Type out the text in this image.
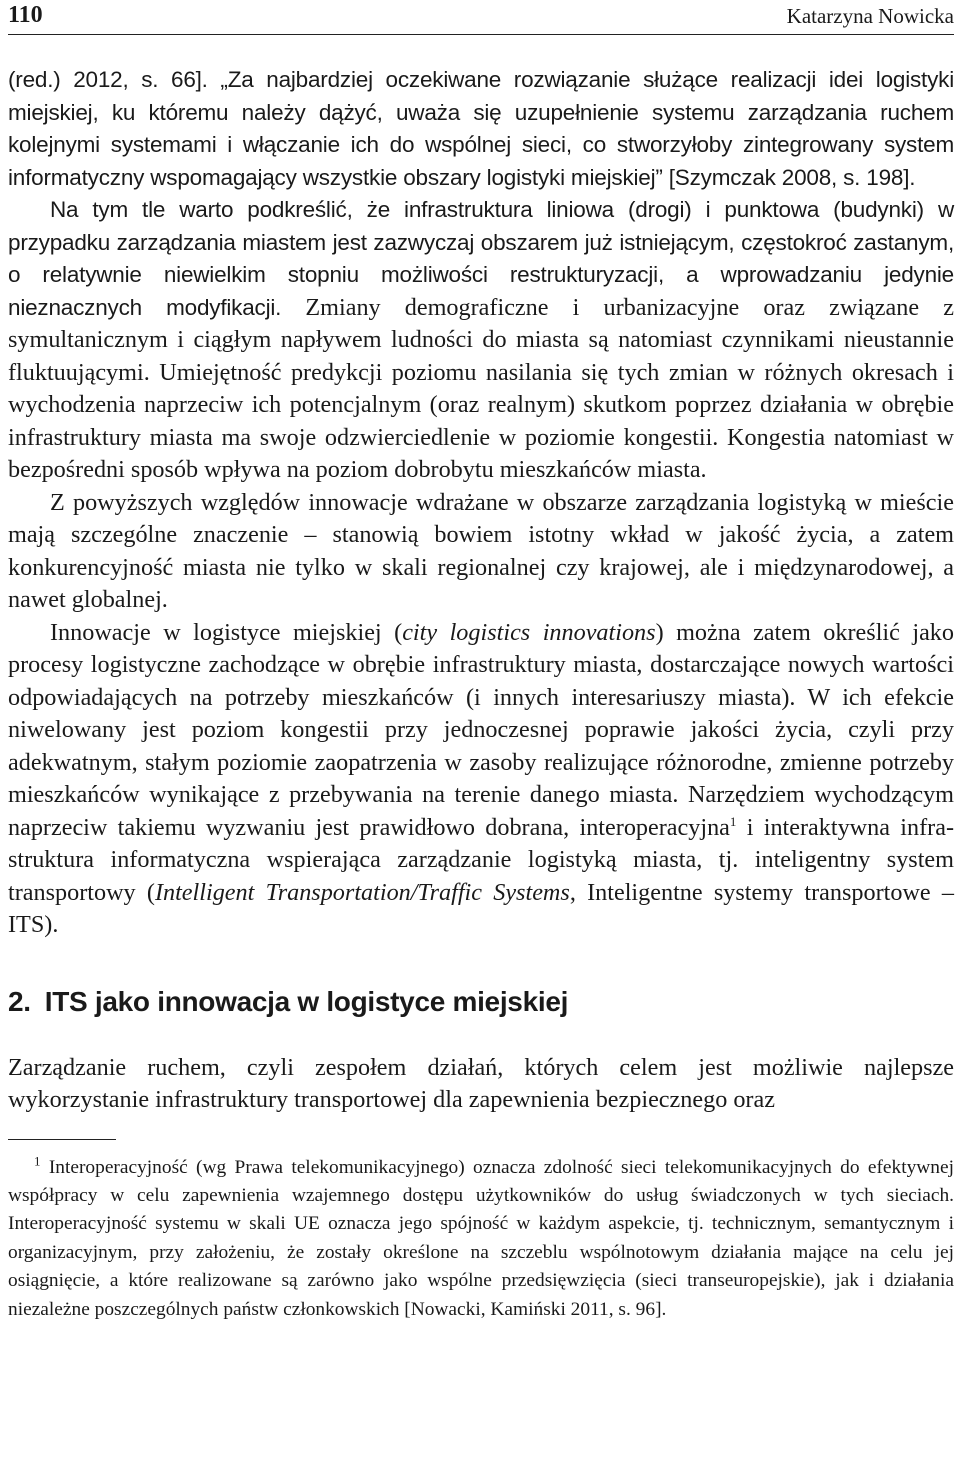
110	Katarzyna Nowicka

(red.) 2012, s. 66]. „Za najbardziej oczekiwane rozwiązanie służące realizacji idei logistyki miejskiej, ku któremu należy dążyć, uważa się uzupełnienie systemu zarządzania ruchem kolejnymi systemami i włączanie ich do wspólnej sieci, co stworzyłoby zintegrowany system informatyczny wspomagający wszystkie obszary logistyki miejskiej” [Szymczak 2008, s. 198].

Na tym tle warto podkreślić, że infrastruktura liniowa (drogi) i punktowa (budynki) w przypadku zarządzania miastem jest zazwyczaj obszarem już istniejącym, częstokroć zastanym, o relatywnie niewielkim stopniu możliwości restrukturyzacji, a wprowadzaniu jedynie nieznacznych modyfikacji. Zmiany demograficzne i urbanizacyjne oraz związane z symultanicznym i ciągłym napływem ludności do miasta są natomiast czynnikami nieustannie fluktuującymi. Umiejętność predykcji poziomu nasilania się tych zmian w różnych okresach i wychodzenia naprzeciw ich potencjalnym (oraz realnym) skutkom poprzez działania w obrębie infrastruktury miasta ma swoje odzwierciedlenie w poziomie kongestii. Kongestia natomiast w bezpośredni sposób wpływa na poziom dobrobytu mieszkańców miasta.

Z powyższych względów innowacje wdrażane w obszarze zarządzania logistyką w mieście mają szczególne znaczenie – stanowią bowiem istotny wkład w jakość życia, a zatem konkurencyjność miasta nie tylko w skali regionalnej czy krajowej, ale i międzynarodowej, a nawet globalnej.

Innowacje w logistyce miejskiej (city logistics innovations) można zatem określić jako procesy logistyczne zachodzące w obrębie infrastruktury miasta, dostarczające nowych wartości odpowiadających na potrzeby mieszkańców (i innych interesariuszy miasta). W ich efekcie niwelowany jest poziom kongestii przy jednoczesnej poprawie jakości życia, czyli przy adekwatnym, stałym poziomie zaopatrzenia w zasoby realizujące różnorodne, zmienne potrzeby mieszkańców wynikające z przebywania na terenie danego miasta. Narzędziem wychodzącym naprzeciw takiemu wyzwaniu jest prawidłowo dobrana, interoperacyjna$^1$ i interaktywna infrastruktura informatyczna wspierająca zarządzanie logistyką miasta, tj. inteligentny system transportowy (Intelligent Transportation/Traffic Systems, Inteligentne systemy transportowe – ITS).

2. ITS jako innowacja w logistyce miejskiej

Zarządzanie ruchem, czyli zespołem działań, których celem jest możliwie najlepsze wykorzystanie infrastruktury transportowej dla zapewnienia bezpiecznego oraz

$^1$ Interoperacyjność (wg Prawa telekomunikacyjnego) oznacza zdolność sieci telekomunikacyjnych do efektywnej współpracy w celu zapewnienia wzajemnego dostępu użytkowników do usług świadczonych w tych sieciach. Interoperacyjność systemu w skali UE oznacza jego spójność w każdym aspekcie, tj. technicznym, semantycznym i organizacyjnym, przy założeniu, że zostały określone na szczeblu wspólnotowym działania mające na celu jej osiągnięcie, a które realizowane są zarówno jako wspólne przedsięwzięcia (sieci transeuropejskie), jak i działania niezależne poszczególnych państw członkowskich [Nowacki, Kamiński 2011, s. 96].
